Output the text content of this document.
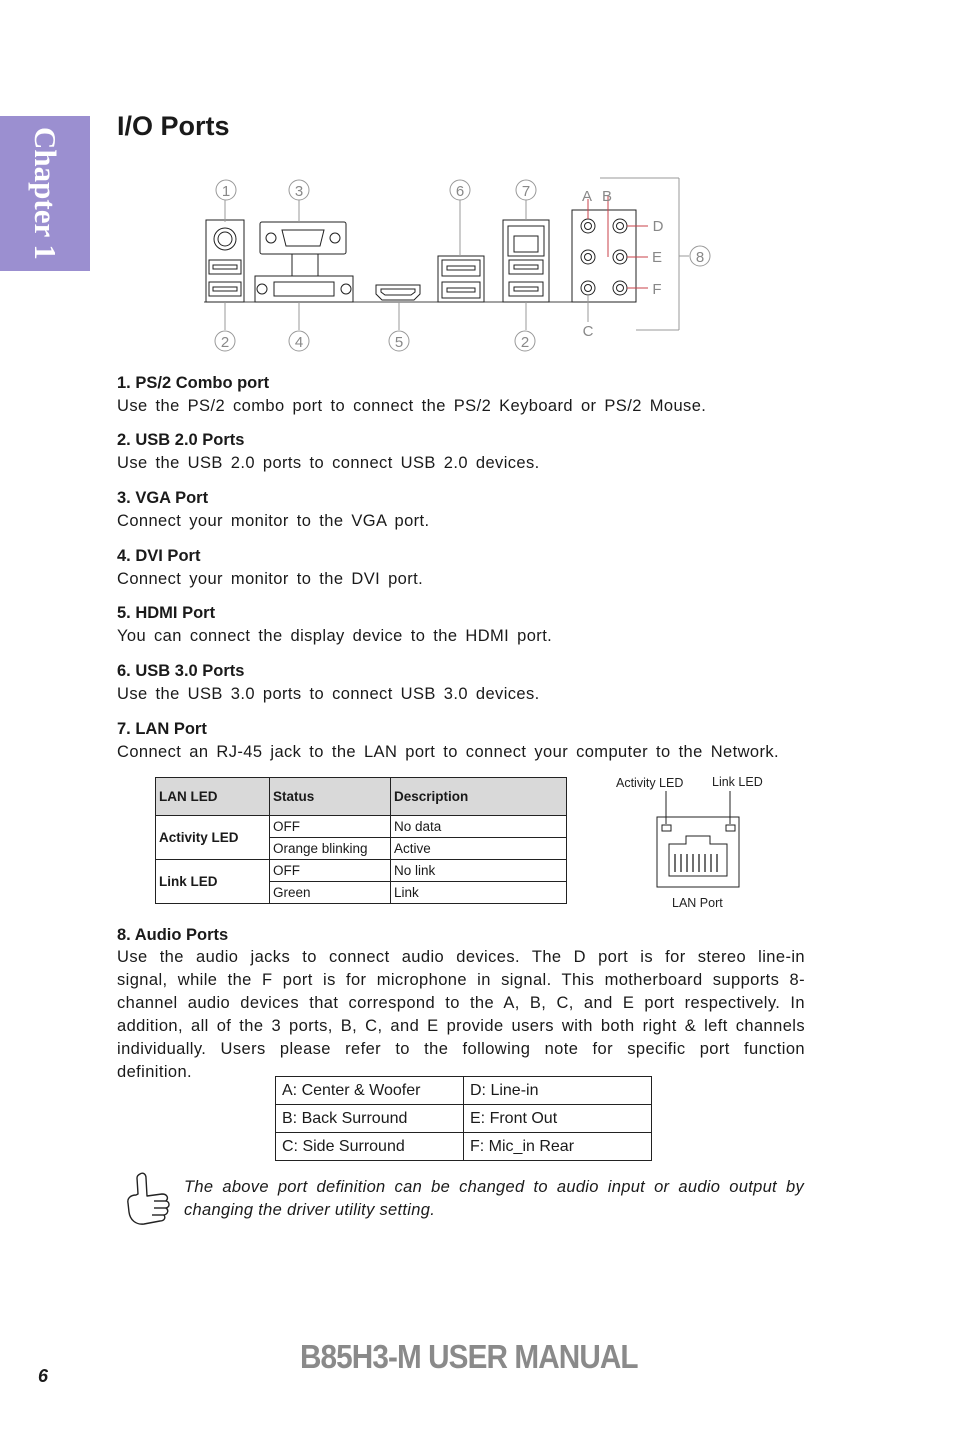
Chapter 1
I/O Ports
1	3	6	7
2	4	5	2
8
A B
C
D
E
F

1. PS/2 Combo port

Use the PS/2 combo port to connect the PS/2 Keyboard or PS/2 Mouse.

2. USB 2.0 Ports

Use the USB 2.0 ports to connect USB 2.0 devices.

3. VGA Port

Connect your monitor to the VGA port.

4. DVI Port

Connect your monitor to the DVI port.

5. HDMI Port

You can connect the display device to the HDMI port.

6. USB 3.0 Ports

Use the USB 3.0 ports to connect USB 3.0 devices.

7. LAN Port

Connect an RJ-45 jack to the LAN port to connect your computer to the Network.

LAN LED	Status	Description
Activity LED	OFF	No data
	Orange blinking	Active
Link LED	OFF	No link
	Green	Link
Activity LED Link LED
LAN Port

8. Audio Ports

Use the audio jacks to connect audio devices. The D port is for stereo line-in signal, while the F port is for microphone in signal. This motherboard supports 8-channel audio devices that correspond to the A, B, C, and E port respectively. In addition, all of the 3 ports, B, C, and E provide users with both right & left channels individually. Users please refer to the following note for specific port function definition.

A: Center & Woofer	D: Line-in
B: Back Surround	E: Front Out
C: Side Surround	F: Mic_in Rear

The above port definition can be changed to audio input or audio output by changing the driver utility setting.

6

B85H3-M USER MANUAL
